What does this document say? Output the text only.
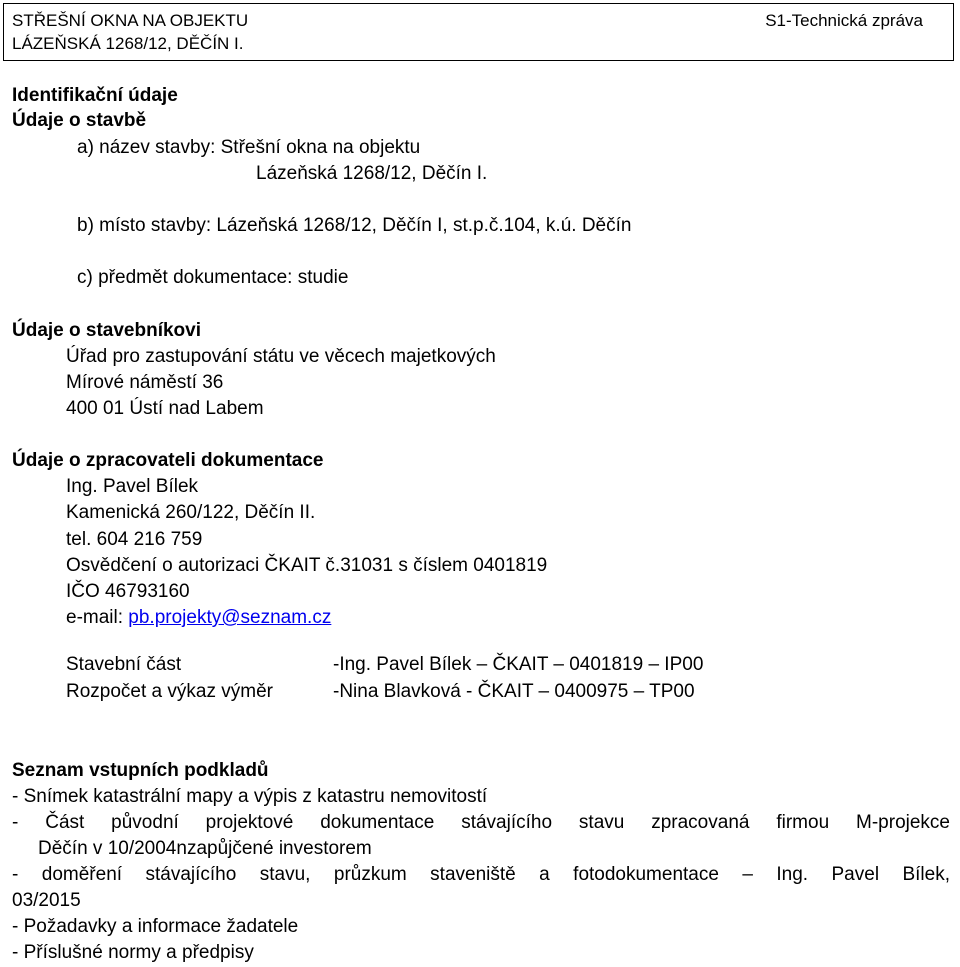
STŘEŠNÍ OKNA NA OBJEKTU
LÁZEŇSKÁ 1268/12, DĚČÍN I.
S1-Technická zpráva
Identifikační údaje
Údaje o stavbě
a) název stavby: Střešní okna na objektu
Lázeňská 1268/12, Děčín I.
b) místo stavby: Lázeňská 1268/12, Děčín I, st.p.č.104, k.ú. Děčín
c) předmět dokumentace: studie
Údaje o stavebníkovi
Úřad pro zastupování státu ve věcech majetkových
Mírové náměstí 36
400 01 Ústí nad Labem
Údaje o zpracovateli dokumentace
Ing. Pavel Bílek
Kamenická 260/122, Děčín II.
tel. 604 216 759
Osvědčení o autorizaci ČKAIT č.31031 s číslem 0401819
IČO 46793160
e-mail: pb.projekty@seznam.cz
Stavební část	-Ing. Pavel Bílek – ČKAIT – 0401819 – IP00
Rozpočet a výkaz výměr	-Nina Blavková - ČKAIT – 0400975 – TP00
Seznam vstupních podkladů
- Snímek katastrální mapy a výpis z katastru nemovitostí
- Část původní projektové dokumentace stávajícího stavu zpracovaná firmou M-projekce
Děčín v 10/2004nzapůjčené investorem
- doměření stávajícího stavu, průzkum staveniště a fotodokumentace – Ing. Pavel Bílek,
03/2015
- Požadavky a informace žadatele
- Příslušné normy a předpisy
